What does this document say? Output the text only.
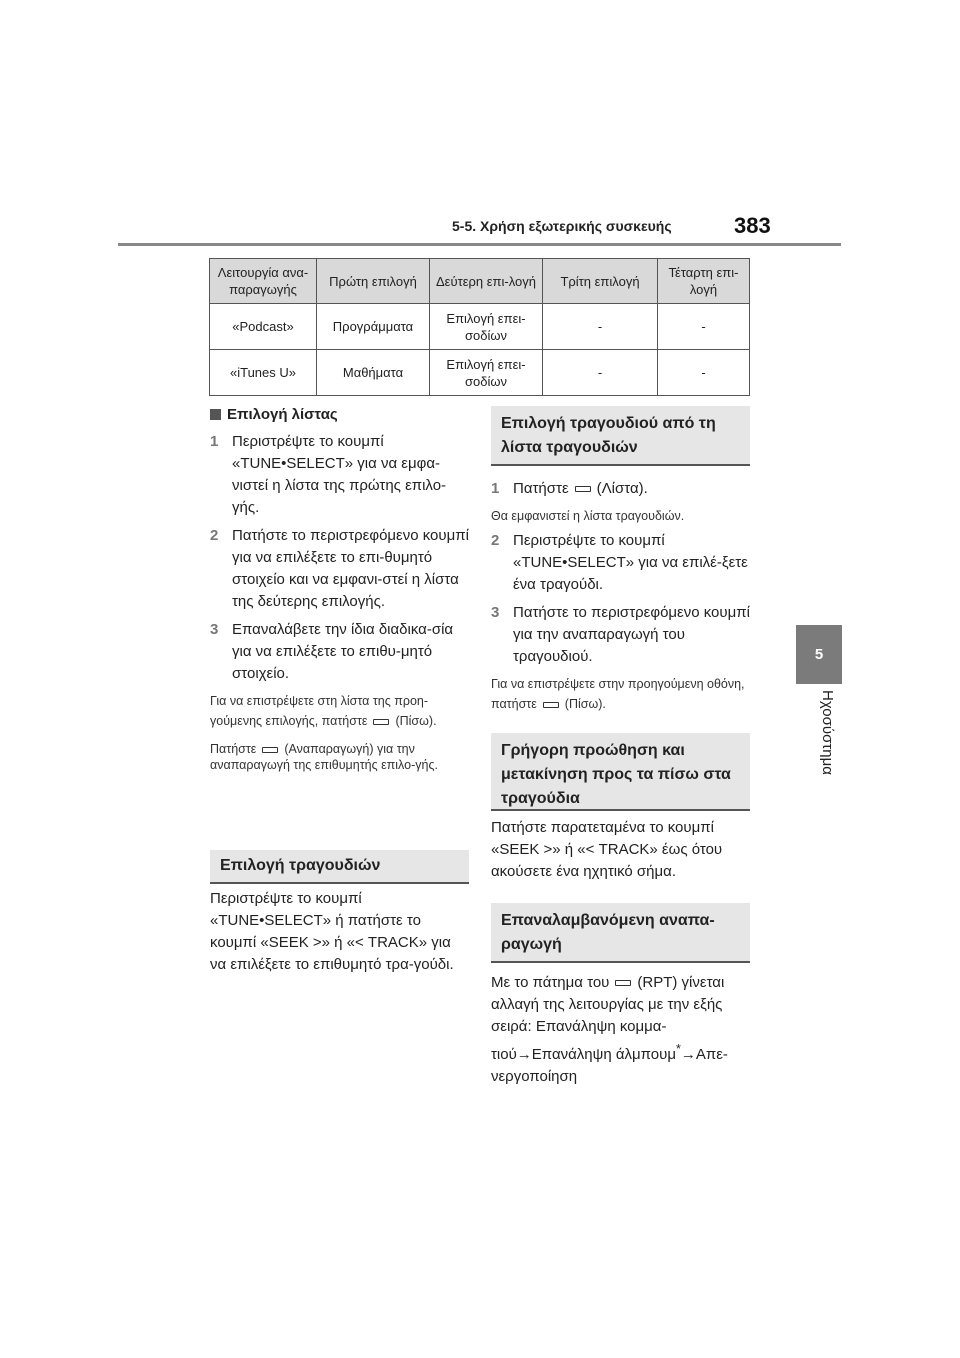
5-5. Χρήση εξωτερικής συσκευής	383
5
Ηχοσύστημα
Λειτουργία ανα-παραγωγής	Πρώτη επιλογή	Δεύτερη επι-λογή	Τρίτη επιλογή	Τέταρτη επι-λογή
«Podcast»	Προγράμματα	Επιλογή επει-σοδίων	-	-
«iTunes U»	Μαθήματα	Επιλογή επει-σοδίων	-	-
Επιλογή λίστας
1 Περιστρέψτε το κουμπί «TUNE•SELECT» για να εμφα-νιστεί η λίστα της πρώτης επιλο-γής.
2 Πατήστε το περιστρεφόμενο κουμπί για να επιλέξετε το επι-θυμητό στοιχείο και να εμφανι-στεί η λίστα της δεύτερης επιλογής.
3 Επαναλάβετε την ίδια διαδικα-σία για να επιλέξετε το επιθυ-μητό στοιχείο.
Για να επιστρέψετε στη λίστα της προη-γούμενης επιλογής, πατήστε (Πίσω).
Πατήστε (Αναπαραγωγή) για την αναπαραγωγή της επιθυμητής επιλο-γής.
Επιλογή τραγουδιών
Περιστρέψτε το κουμπί «TUNE•SELECT» ή πατήστε το κουμπί «SEEK >» ή «< TRACK» για να επιλέξετε το επιθυμητό τρα-γούδι.
Επιλογή τραγουδιού από τη λίστα τραγουδιών
1 Πατήστε (Λίστα).
Θα εμφανιστεί η λίστα τραγουδιών.
2 Περιστρέψτε το κουμπί «TUNE•SELECT» για να επιλέ-ξετε ένα τραγούδι.
3 Πατήστε το περιστρεφόμενο κουμπί για την αναπαραγωγή του τραγουδιού.
Για να επιστρέψετε στην προηγούμενη οθόνη, πατήστε (Πίσω).
Γρήγορη προώθηση και μετακίνηση προς τα πίσω στα τραγούδια
Πατήστε παρατεταμένα το κουμπί «SEEK >» ή «< TRACK» έως ότου ακούσετε ένα ηχητικό σήμα.
Επαναλαμβανόμενη αναπα-ραγωγή
Με το πάτημα του (RPT) γίνεται αλλαγή της λειτουργίας με την εξής σειρά: Επανάληψη κομμα-τιού→Επανάληψη άλμπουμ*→Απε-νεργοποίηση
